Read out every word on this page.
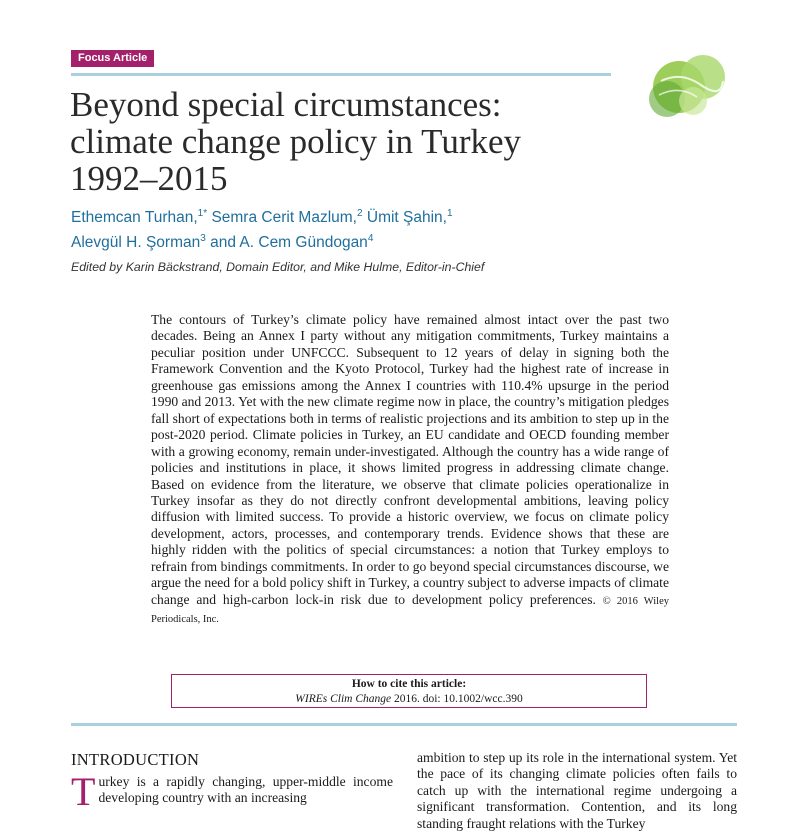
Focus Article
Beyond special circumstances:
climate change policy in Turkey
1992–2015
Ethemcan Turhan,$^{1*}$ Semra Cerit Mazlum,$^2$ Ümit Şahin,$^1$
Alevgül H. Şorman$^3$ and A. Cem Gündogan$^4$
Edited by Karin Bäckstrand, Domain Editor, and Mike Hulme, Editor-in-Chief

The contours of Turkey’s climate policy have remained almost intact over the past two decades. Being an Annex I party without any mitigation commitments, Turkey maintains a peculiar position under UNFCCC. Subsequent to 12 years of delay in signing both the Framework Convention and the Kyoto Protocol, Turkey had the highest rate of increase in greenhouse gas emissions among the Annex I countries with 110.4% upsurge in the period 1990 and 2013. Yet with the new climate regime now in place, the country’s mitigation pledges fall short of expectations both in terms of realistic projections and its ambition to step up in the post-2020 period. Climate policies in Turkey, an EU candidate and OECD founding member with a growing economy, remain under-investigated. Although the country has a wide range of policies and institutions in place, it shows limited progress in addressing climate change. Based on evidence from the literature, we observe that climate policies operationalize in Turkey insofar as they do not directly confront developmental ambitions, leaving policy diffusion with limited success. To provide a historic overview, we focus on climate policy development, actors, processes, and contemporary trends. Evidence shows that these are highly ridden with the politics of special circumstances: a notion that Turkey employs to refrain from bindings commitments. In order to go beyond special circumstances discourse, we argue the need for a bold policy shift in Turkey, a country subject to adverse impacts of climate change and high-carbon lock-in risk due to development policy preferences. © 2016 Wiley Periodicals, Inc.

How to cite this article:
WIREs Clim Change 2016. doi: 10.1002/wcc.390
INTRODUCTION
Turkey is a rapidly changing, upper-middle income developing country with an increasing
ambition to step up its role in the international system. Yet the pace of its changing climate policies often fails to catch up with the international regime undergoing a significant transformation. Contention, and its long standing fraught relations with the Turkey
